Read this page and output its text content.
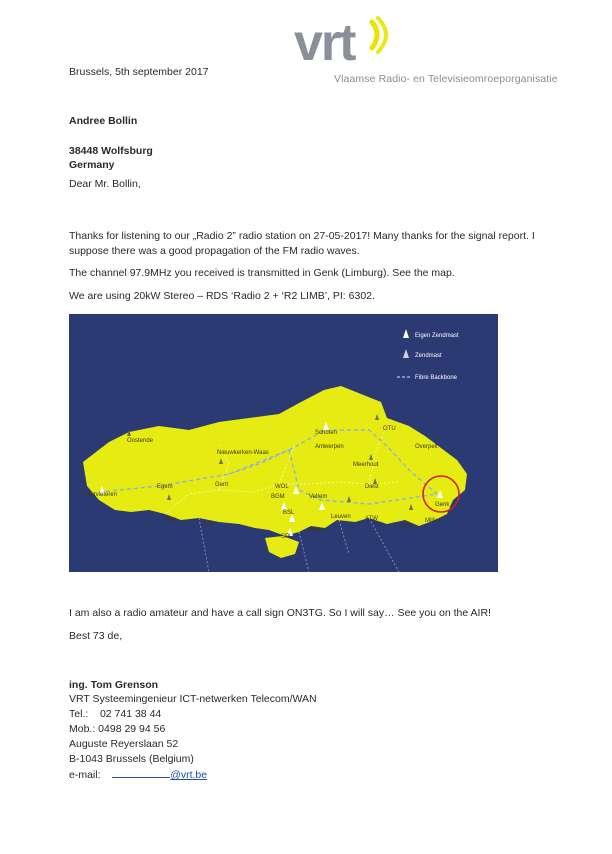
vrt
Vlaamse Radio- en Televisieomroeporganisatie
Brussels, 5th september 2017
Andree Bollin
38448 Wolfsburg
Germany
Dear Mr. Bollin,
Thanks for listening to our „Radio 2” radio station on 27-05-2017! Many thanks for the signal report. I
suppose there was a good propagation of the FM radio waves.
The channel 97.9MHz you received is transmitted in Genk (Limburg). See the map.
We are using 20kW Stereo – RDS ‘Radio 2 + ‘R2 LIMB’, PI: 6302.
Eigen Zendmast
Zendmast
Fibre Backbone
Oostende
Nieuwkerken-Waas
Schoten
Antwerpen
OTU
Overpelt
Meerhout
Diest
Genk
Millen
Egem	Gent
Oostvleteren
BEL
VLO
WOL
BGM	Veltem
BSL
Leuven ATW
BTM
Wavre
SPL
I am also a radio amateur and have a call sign ON3TG. So I will say… See you on the AIR!
Best 73 de,
ing. Tom Grenson
VRT Systeemingenieur ICT-netwerken Telecom/WAN
Tel.: 02 741 38 44
Mob.: 0498 29 94 56
Auguste Reyerslaan 52
B-1043 Brussels (Belgium)
e-mail:	@vrt.be
